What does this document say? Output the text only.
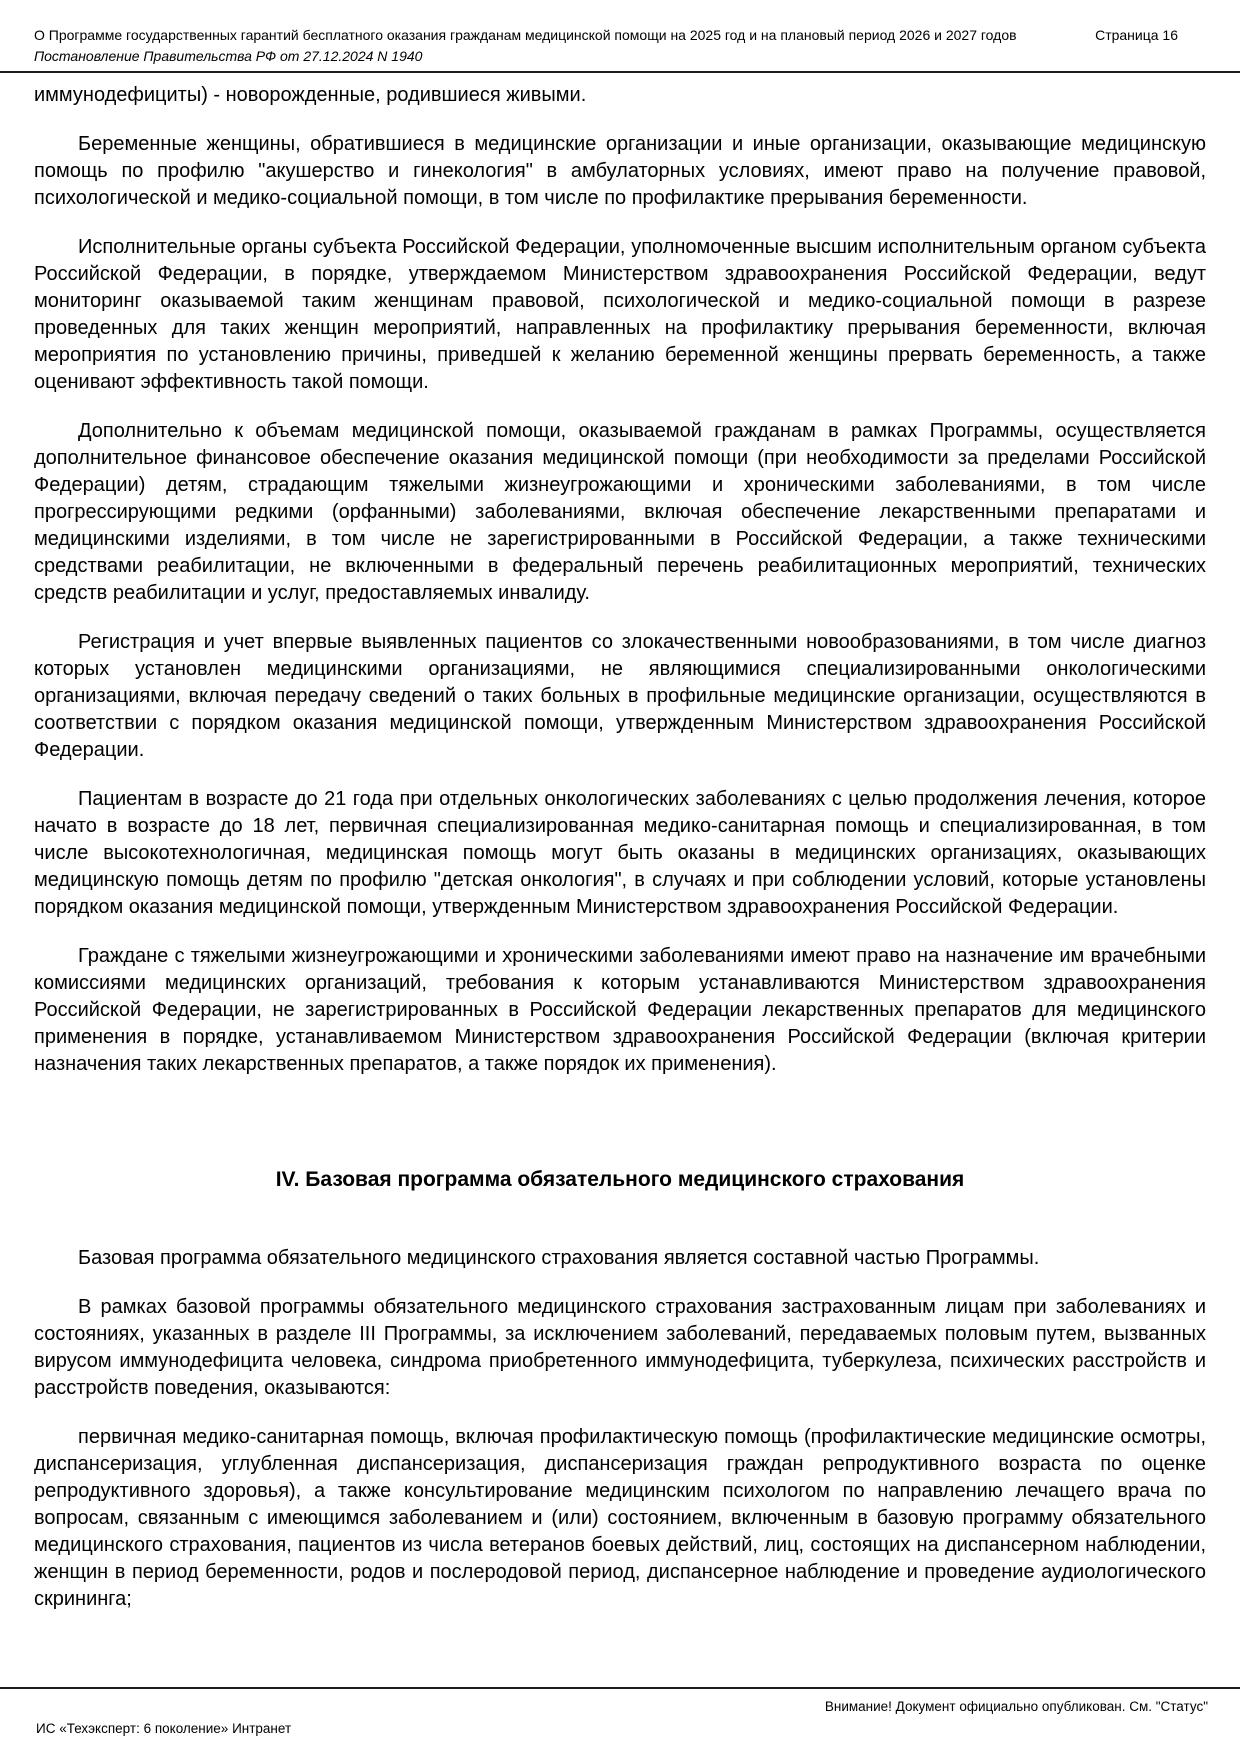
О Программе государственных гарантий бесплатного оказания гражданам медицинской помощи на 2025 год и на плановый период 2026 и 2027 годов
Постановление Правительства РФ от 27.12.2024 N 1940
Страница 16

иммунодефициты) - новорожденные, родившиеся живыми.

Беременные женщины, обратившиеся в медицинские организации и иные организации, оказывающие медицинскую помощь по профилю "акушерство и гинекология" в амбулаторных условиях, имеют право на получение правовой, психологической и медико-социальной помощи, в том числе по профилактике прерывания беременности.

Исполнительные органы субъекта Российской Федерации, уполномоченные высшим исполнительным органом субъекта Российской Федерации, в порядке, утверждаемом Министерством здравоохранения Российской Федерации, ведут мониторинг оказываемой таким женщинам правовой, психологической и медико-социальной помощи в разрезе проведенных для таких женщин мероприятий, направленных на профилактику прерывания беременности, включая мероприятия по установлению причины, приведшей к желанию беременной женщины прервать беременность, а также оценивают эффективность такой помощи.

Дополнительно к объемам медицинской помощи, оказываемой гражданам в рамках Программы, осуществляется дополнительное финансовое обеспечение оказания медицинской помощи (при необходимости за пределами Российской Федерации) детям, страдающим тяжелыми жизнеугрожающими и хроническими заболеваниями, в том числе прогрессирующими редкими (орфанными) заболеваниями, включая обеспечение лекарственными препаратами и медицинскими изделиями, в том числе не зарегистрированными в Российской Федерации, а также техническими средствами реабилитации, не включенными в федеральный перечень реабилитационных мероприятий, технических средств реабилитации и услуг, предоставляемых инвалиду.

Регистрация и учет впервые выявленных пациентов со злокачественными новообразованиями, в том числе диагноз которых установлен медицинскими организациями, не являющимися специализированными онкологическими организациями, включая передачу сведений о таких больных в профильные медицинские организации, осуществляются в соответствии с порядком оказания медицинской помощи, утвержденным Министерством здравоохранения Российской Федерации.

Пациентам в возрасте до 21 года при отдельных онкологических заболеваниях с целью продолжения лечения, которое начато в возрасте до 18 лет, первичная специализированная медико-санитарная помощь и специализированная, в том числе высокотехнологичная, медицинская помощь могут быть оказаны в медицинских организациях, оказывающих медицинскую помощь детям по профилю "детская онкология", в случаях и при соблюдении условий, которые установлены порядком оказания медицинской помощи, утвержденным Министерством здравоохранения Российской Федерации.

Граждане с тяжелыми жизнеугрожающими и хроническими заболеваниями имеют право на назначение им врачебными комиссиями медицинских организаций, требования к которым устанавливаются Министерством здравоохранения Российской Федерации, не зарегистрированных в Российской Федерации лекарственных препаратов для медицинского применения в порядке, устанавливаемом Министерством здравоохранения Российской Федерации (включая критерии назначения таких лекарственных препаратов, а также порядок их применения).

IV. Базовая программа обязательного медицинского страхования

Базовая программа обязательного медицинского страхования является составной частью Программы.

В рамках базовой программы обязательного медицинского страхования застрахованным лицам при заболеваниях и состояниях, указанных в разделе III Программы, за исключением заболеваний, передаваемых половым путем, вызванных вирусом иммунодефицита человека, синдрома приобретенного иммунодефицита, туберкулеза, психических расстройств и расстройств поведения, оказываются:

первичная медико-санитарная помощь, включая профилактическую помощь (профилактические медицинские осмотры, диспансеризация, углубленная диспансеризация, диспансеризация граждан репродуктивного возраста по оценке репродуктивного здоровья), а также консультирование медицинским психологом по направлению лечащего врача по вопросам, связанным с имеющимся заболеванием и (или) состоянием, включенным в базовую программу обязательного медицинского страхования, пациентов из числа ветеранов боевых действий, лиц, состоящих на диспансерном наблюдении, женщин в период беременности, родов и послеродовой период, диспансерное наблюдение и проведение аудиологического скрининга;

Внимание! Документ официально опубликован. См. "Статус"
ИС «Техэксперт: 6 поколение» Интранет
